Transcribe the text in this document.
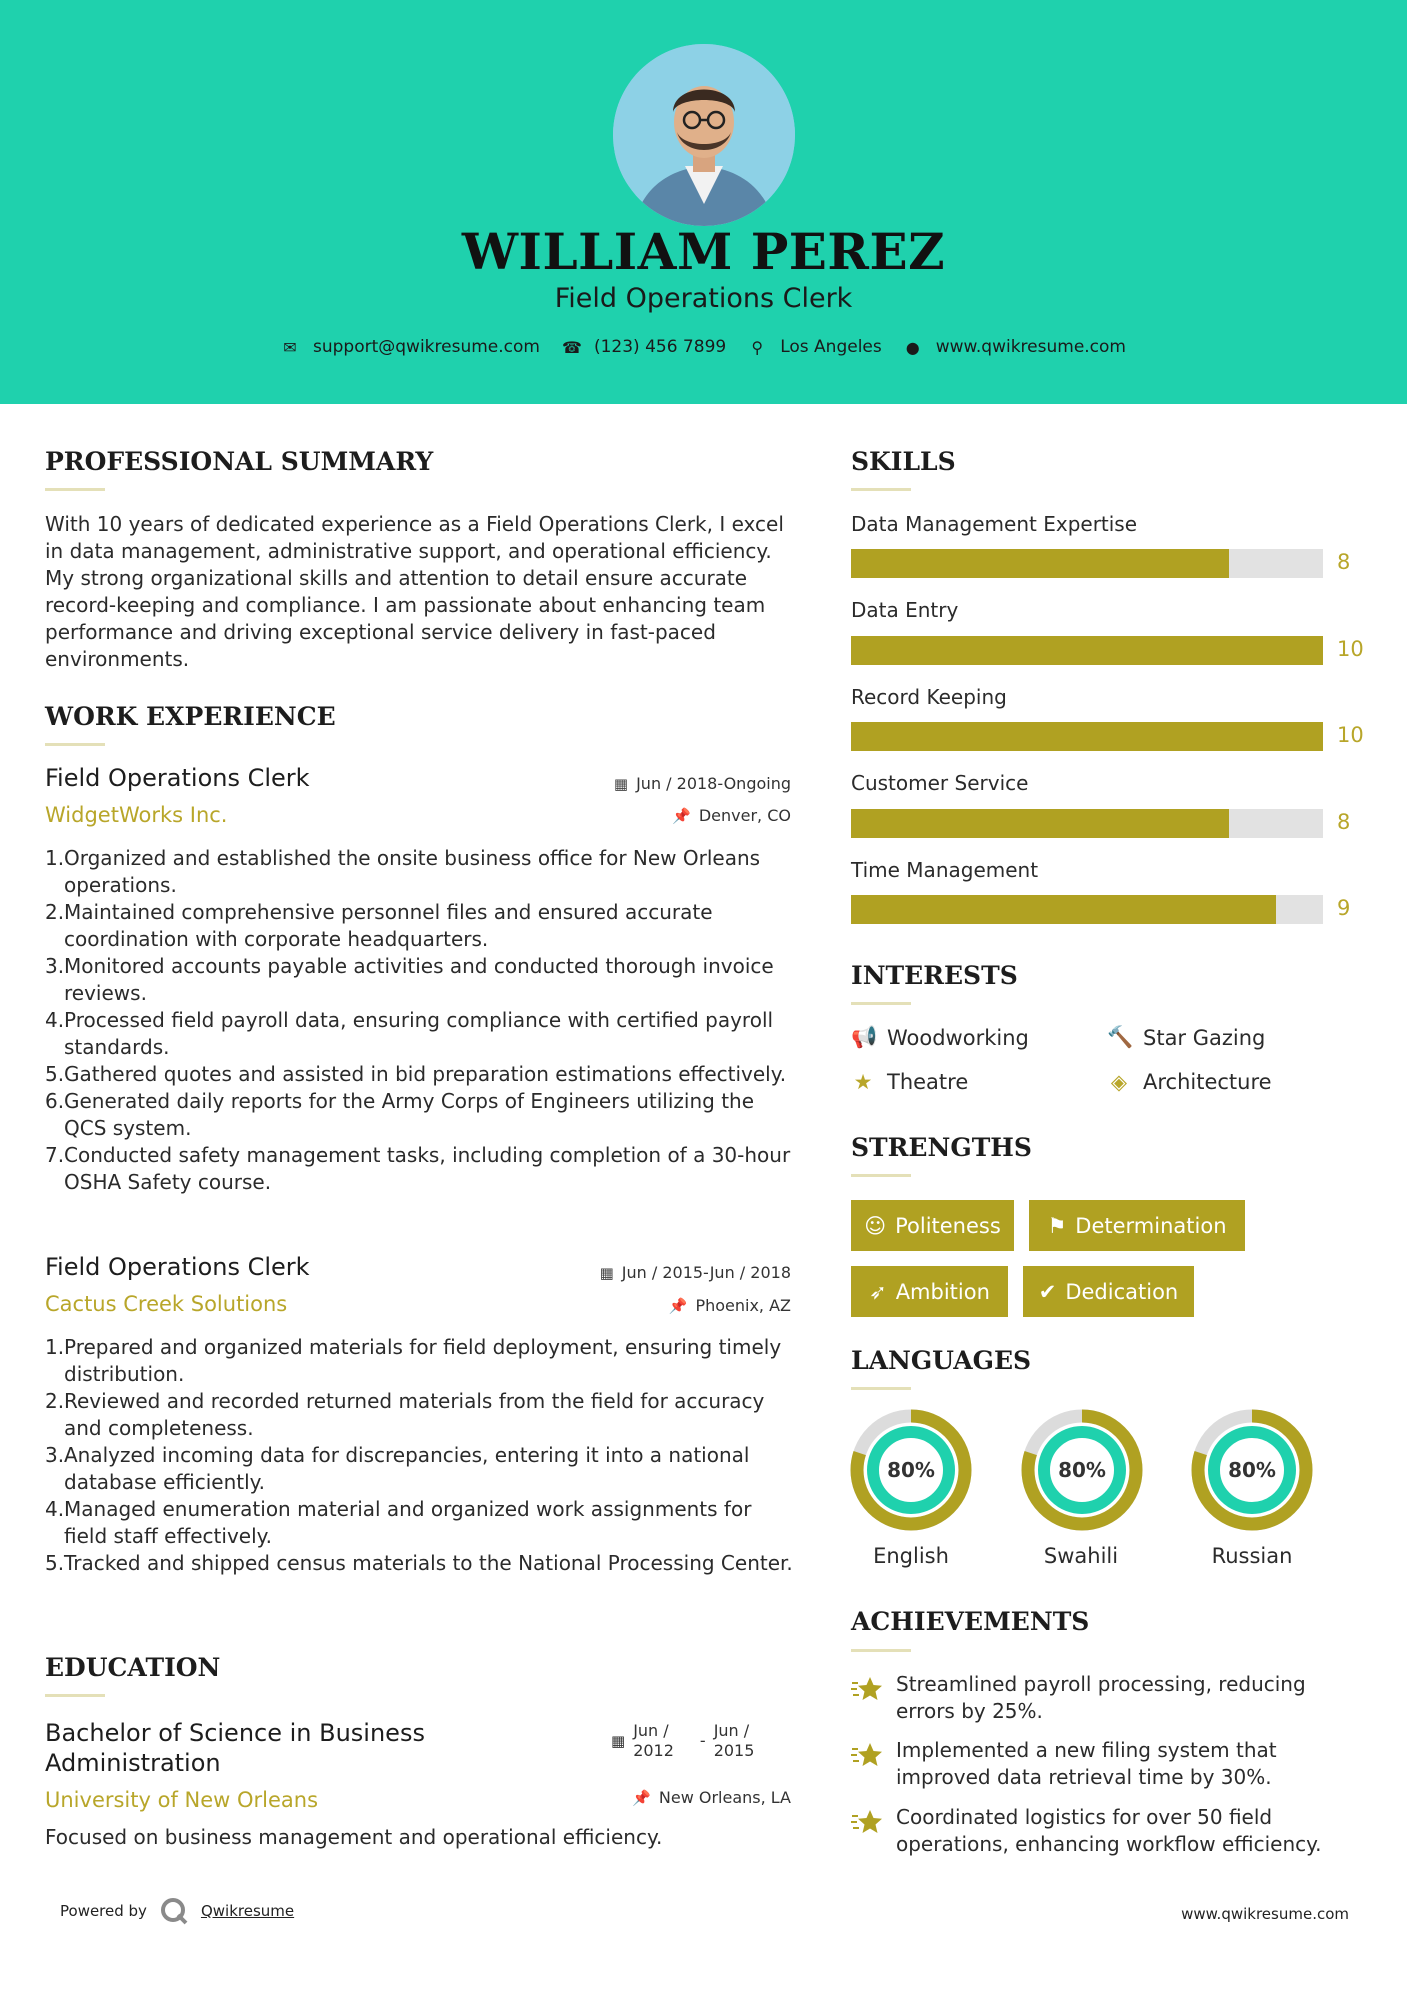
WILLIAM PEREZ
Field Operations Clerk
✉ support@qwikresume.com ☎ (123) 456 7899 ⚲ Los Angeles ● www.qwikresume.com
PROFESSIONAL SUMMARY
With 10 years of dedicated experience as a Field Operations Clerk, I excel in data management, administrative support, and operational efficiency. My strong organizational skills and attention to detail ensure accurate record-keeping and compliance. I am passionate about enhancing team performance and driving exceptional service delivery in fast-paced environments.
WORK EXPERIENCE
Field Operations Clerk	▦ Jun / 2018-Ongoing
WidgetWorks Inc.	📌 Denver, CO
1. Organized and established the onsite business office for New Orleans operations.
2. Maintained comprehensive personnel files and ensured accurate coordination with corporate headquarters.
3. Monitored accounts payable activities and conducted thorough invoice reviews.
4. Processed field payroll data, ensuring compliance with certified payroll standards.
5. Gathered quotes and assisted in bid preparation estimations effectively.
6. Generated daily reports for the Army Corps of Engineers utilizing the QCS system.
7. Conducted safety management tasks, including completion of a 30-hour OSHA Safety course.
Field Operations Clerk	▦ Jun / 2015-Jun / 2018
Cactus Creek Solutions	📌 Phoenix, AZ
1. Prepared and organized materials for field deployment, ensuring timely distribution.
2. Reviewed and recorded returned materials from the field for accuracy and completeness.
3. Analyzed incoming data for discrepancies, entering it into a national database efficiently.
4. Managed enumeration material and organized work assignments for field staff effectively.
5. Tracked and shipped census materials to the National Processing Center.
EDUCATION
Bachelor of Science in Business
Administration
▦
Jun /
2012
-
Jun /
2015
University of New Orleans	📌 New Orleans, LA
Focused on business management and operational efficiency.
SKILLS
Data Management Expertise
8
Data Entry
10
Record Keeping
10
Customer Service
8
Time Management
9
INTERESTS
📢 Woodworking	🔨 Star Gazing
★ Theatre	◈ Architecture
STRENGTHS
☺ Politeness ⚑ Determination
➶ Ambition ✔ Dedication
LANGUAGES
80%
English
80%
Swahili
80%
Russian
ACHIEVEMENTS
Streamlined payroll processing, reducing
errors by 25%.
Implemented a new filing system that
improved data retrieval time by 30%.
Coordinated logistics for over 50 field
operations, enhancing workflow efficiency.
Powered by	Qwikresume	www.qwikresume.com
